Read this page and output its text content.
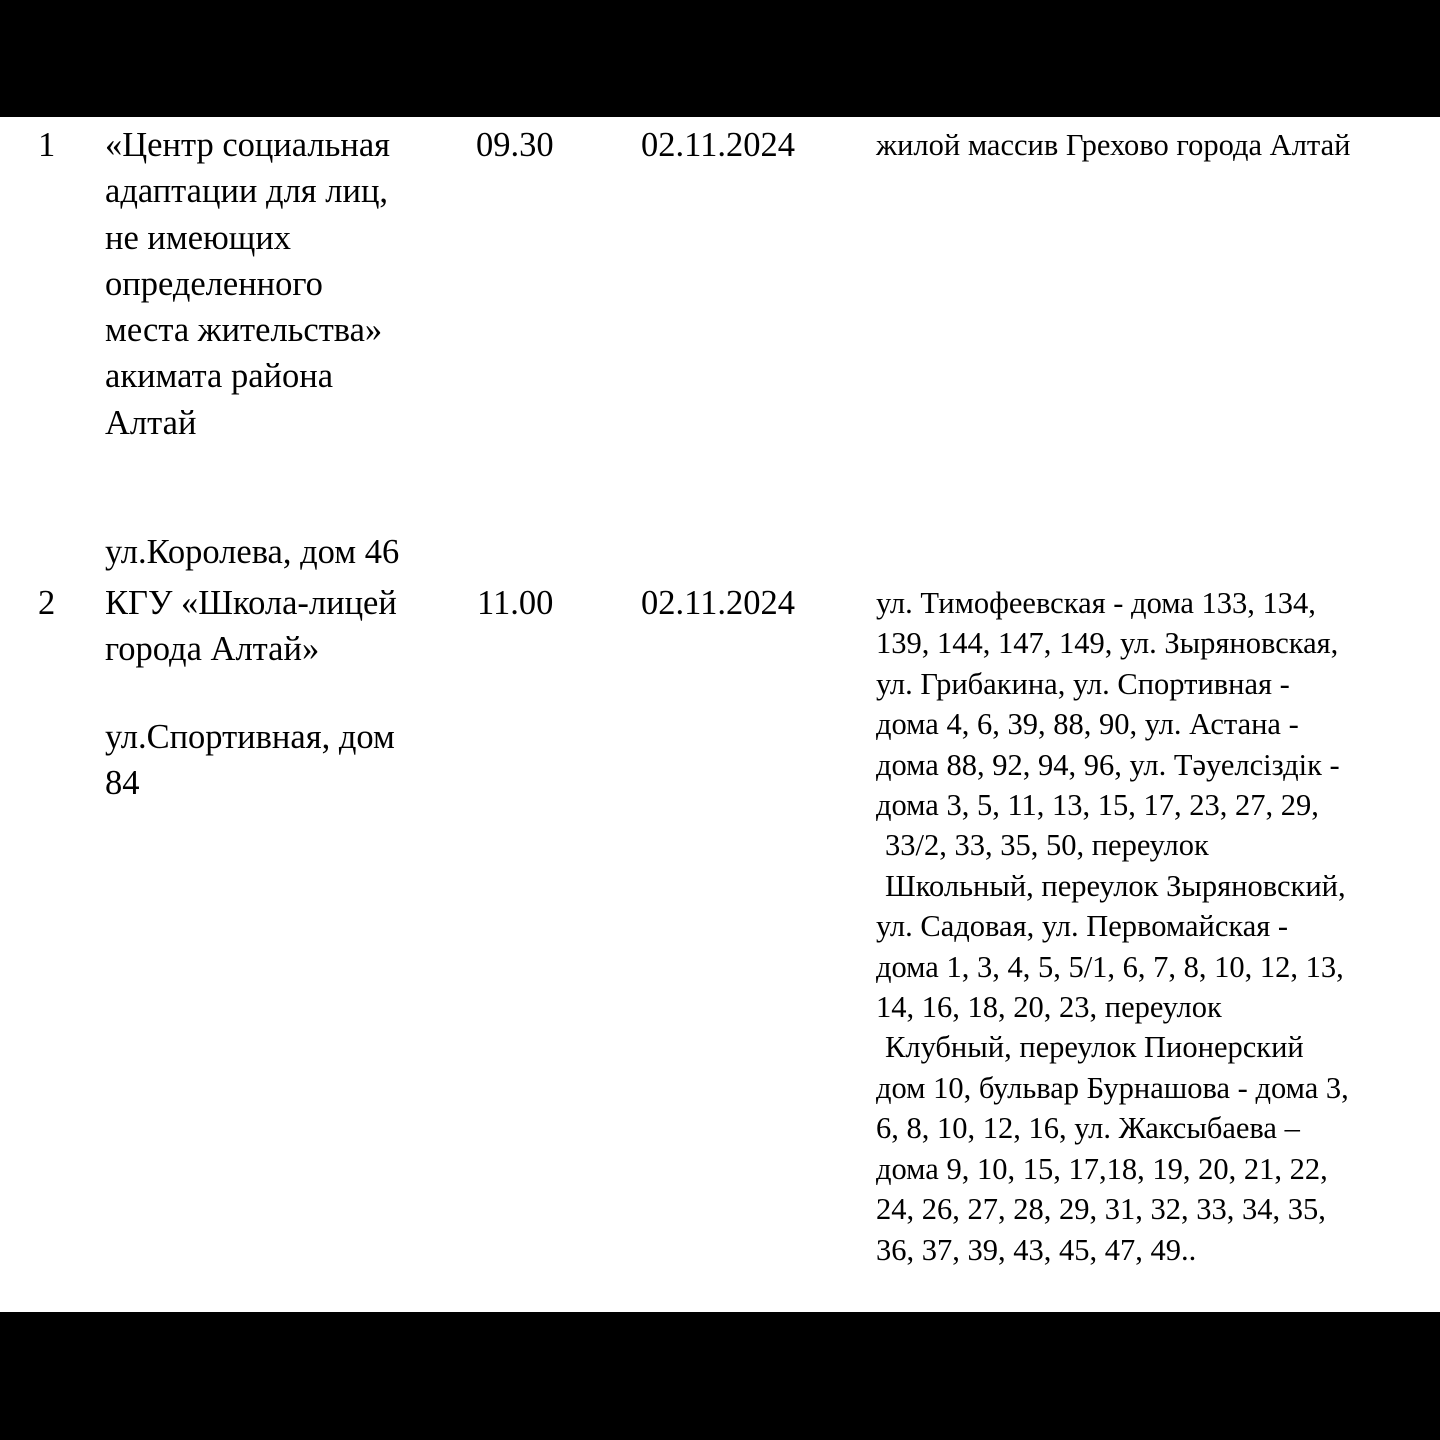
1 «Центр социальная
адаптации для лиц,
не имеющих
определенного
места жительства»
акимата района
Алтай
ул.Королева, дом 46
09.30	02.11.2024	жилой массив Грехово города Алтай
2 КГУ «Школа-лицей
города Алтай»
ул.Спортивная, дом
84
11.00	02.11.2024	ул. Тимофеевская - дома 133, 134,
139, 144, 147, 149, ул. Зыряновская,
ул. Грибакина, ул. Спортивная -
дома 4, 6, 39, 88, 90, ул. Астана -
дома 88, 92, 94, 96, ул. Тәуелсіздік -
дома 3, 5, 11, 13, 15, 17, 23, 27, 29,
33/2, 33, 35, 50, переулок
Школьный, переулок Зыряновский,
ул. Садовая, ул. Первомайская -
дома 1, 3, 4, 5, 5/1, 6, 7, 8, 10, 12, 13,
14, 16, 18, 20, 23, переулок
Клубный, переулок Пионерский
дом 10, бульвар Бурнашова - дома 3,
6, 8, 10, 12, 16, ул. Жаксыбаева –
дома 9, 10, 15, 17,18, 19, 20, 21, 22,
24, 26, 27, 28, 29, 31, 32, 33, 34, 35,
36, 37, 39, 43, 45, 47, 49..
